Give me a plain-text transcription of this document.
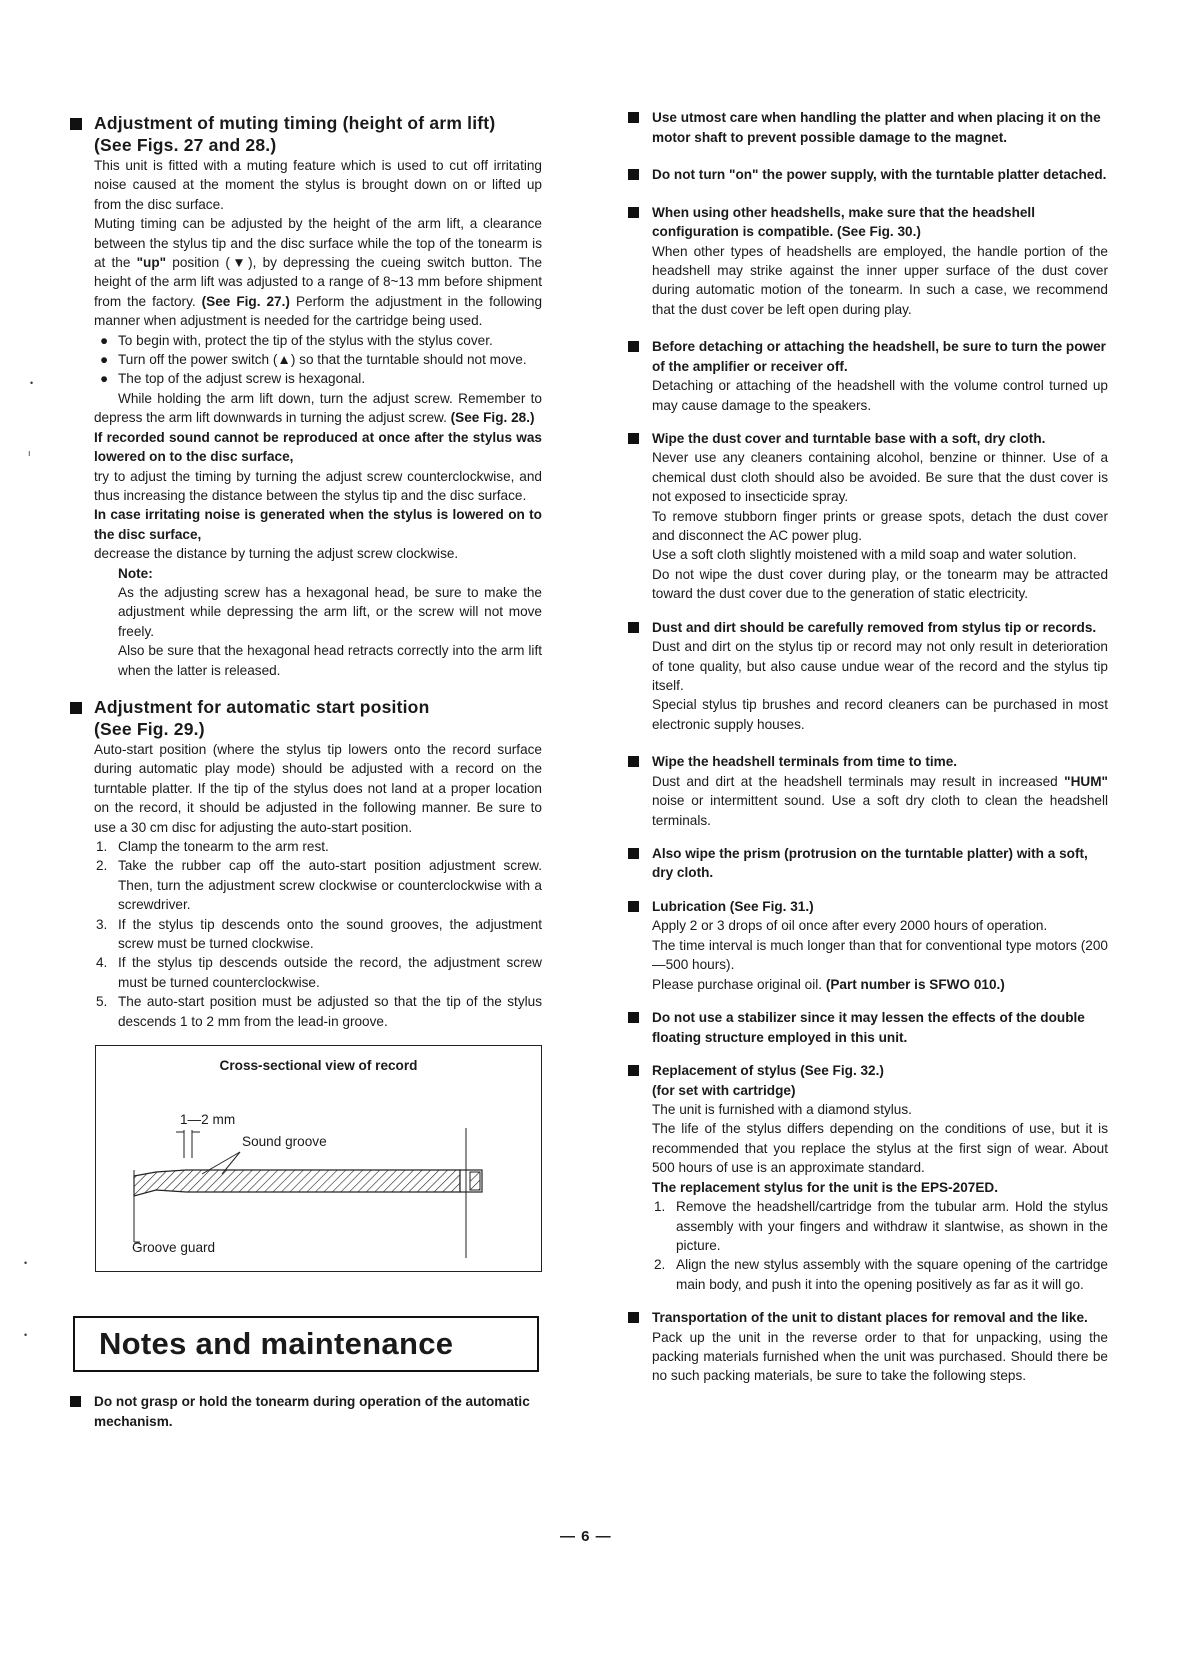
•
ı
•
•
Adjustment of muting timing (height of arm lift)
(See Figs. 27 and 28.)
This unit is fitted with a muting feature which is used to cut off irritating noise caused at the moment the stylus is brought down on or lifted up from the disc surface.
Muting timing can be adjusted by the height of the arm lift, a clearance between the stylus tip and the disc surface while the top of the tonearm is at the "up" position (▼), by depressing the cueing switch button. The height of the arm lift was adjusted to a range of 8~13 mm before shipment from the factory. (See Fig. 27.) Perform the adjustment in the following manner when adjustment is needed for the cartridge being used.
● To begin with, protect the tip of the stylus with the stylus cover.
● Turn off the power switch (▲) so that the turntable should not move.
● The top of the adjust screw is hexagonal.
While holding the arm lift down, turn the adjust screw. Remember to depress the arm lift downwards in turning the adjust screw. (See Fig. 28.)
If recorded sound cannot be reproduced at once after the stylus was lowered on to the disc surface,
try to adjust the timing by turning the adjust screw counterclockwise, and thus increasing the distance between the stylus tip and the disc surface.
In case irritating noise is generated when the stylus is lowered on to the disc surface,
decrease the distance by turning the adjust screw clockwise.
Note:
As the adjusting screw has a hexagonal head, be sure to make the adjustment while depressing the arm lift, or the screw will not move freely.
Also be sure that the hexagonal head retracts correctly into the arm lift when the latter is released.
Adjustment for automatic start position
(See Fig. 29.)
Auto-start position (where the stylus tip lowers onto the record surface during automatic play mode) should be adjusted with a record on the turntable platter. If the tip of the stylus does not land at a proper location on the record, it should be adjusted in the following manner. Be sure to use a 30 cm disc for adjusting the auto-start position.
1. Clamp the tonearm to the arm rest.
2. Take the rubber cap off the auto-start position adjustment screw. Then, turn the adjustment screw clockwise or counterclockwise with a screwdriver.
3. If the stylus tip descends onto the sound grooves, the adjustment screw must be turned clockwise.
4. If the stylus tip descends outside the record, the adjustment screw must be turned counterclockwise.
5. The auto-start position must be adjusted so that the tip of the stylus descends 1 to 2 mm from the lead-in groove.
Cross-sectional view of record
1—2 mm
Sound groove
Groove guard
Notes and maintenance
Do not grasp or hold the tonearm during operation of the automatic mechanism.
Use utmost care when handling the platter and when placing it on the motor shaft to prevent possible damage to the magnet.
Do not turn "on" the power supply, with the turntable platter detached.
When using other headshells, make sure that the headshell configuration is compatible. (See Fig. 30.)
When other types of headshells are employed, the handle portion of the headshell may strike against the inner upper surface of the dust cover during automatic motion of the tonearm. In such a case, we recommend that the dust cover be left open during play.
Before detaching or attaching the headshell, be sure to turn the power of the amplifier or receiver off.
Detaching or attaching of the headshell with the volume control turned up may cause damage to the speakers.
Wipe the dust cover and turntable base with a soft, dry cloth.
Never use any cleaners containing alcohol, benzine or thinner. Use of a chemical dust cloth should also be avoided. Be sure that the dust cover is not exposed to insecticide spray.
To remove stubborn finger prints or grease spots, detach the dust cover and disconnect the AC power plug.
Use a soft cloth slightly moistened with a mild soap and water solution.
Do not wipe the dust cover during play, or the tonearm may be attracted toward the dust cover due to the generation of static electricity.
Dust and dirt should be carefully removed from stylus tip or records.
Dust and dirt on the stylus tip or record may not only result in deterioration of tone quality, but also cause undue wear of the record and the stylus tip itself.
Special stylus tip brushes and record cleaners can be purchased in most electronic supply houses.
Wipe the headshell terminals from time to time.
Dust and dirt at the headshell terminals may result in increased "HUM" noise or intermittent sound. Use a soft dry cloth to clean the headshell terminals.
Also wipe the prism (protrusion on the turntable platter) with a soft, dry cloth.
Lubrication (See Fig. 31.)
Apply 2 or 3 drops of oil once after every 2000 hours of operation.
The time interval is much longer than that for conventional type motors (200—500 hours).
Please purchase original oil. (Part number is SFWO 010.)
Do not use a stabilizer since it may lessen the effects of the double floating structure employed in this unit.
Replacement of stylus (See Fig. 32.)
(for set with cartridge)
The unit is furnished with a diamond stylus.
The life of the stylus differs depending on the conditions of use, but it is recommended that you replace the stylus at the first sign of wear. About 500 hours of use is an approximate standard.
The replacement stylus for the unit is the EPS-207ED.
1. Remove the headshell/cartridge from the tubular arm. Hold the stylus assembly with your fingers and withdraw it slantwise, as shown in the picture.
2. Align the new stylus assembly with the square opening of the cartridge main body, and push it into the opening positively as far as it will go.
Transportation of the unit to distant places for removal and the like.
Pack up the unit in the reverse order to that for unpacking, using the packing materials furnished when the unit was purchased. Should there be no such packing materials, be sure to take the following steps.
— 6 —
